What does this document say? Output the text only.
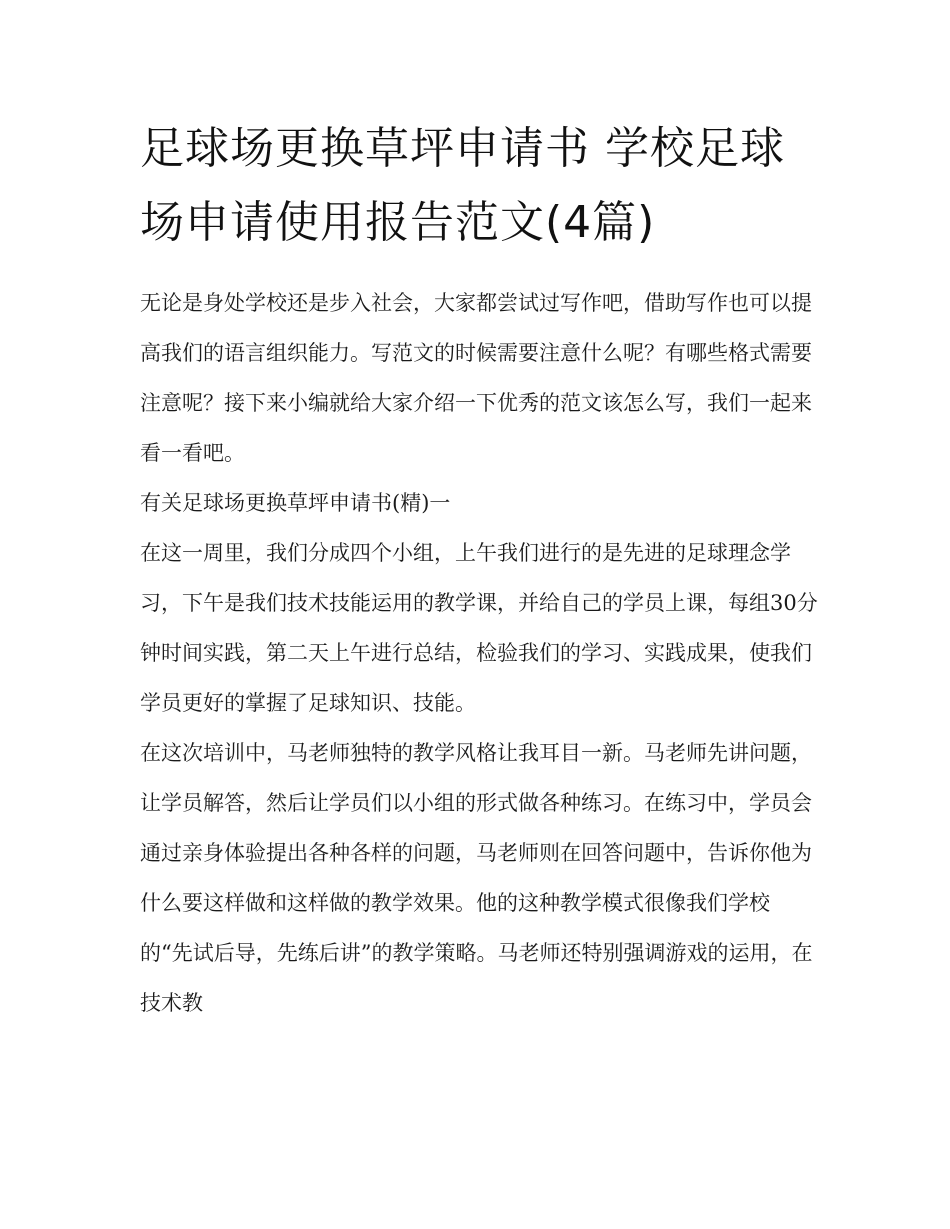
足球场更换草坪申请书 学校足球场申请使用报告范文(4篇)

无论是身处学校还是步入社会，大家都尝试过写作吧，借助写作也可以提高我们的语言组织能力。写范文的时候需要注意什么呢？有哪些格式需要注意呢？接下来小编就给大家介绍一下优秀的范文该怎么写，我们一起来看一看吧。

有关足球场更换草坪申请书(精)一

在这一周里，我们分成四个小组，上午我们进行的是先进的足球理念学习，下午是我们技术技能运用的教学课，并给自己的学员上课，每组30分钟时间实践，第二天上午进行总结，检验我们的学习、实践成果，使我们学员更好的掌握了足球知识、技能。

在这次培训中，马老师独特的教学风格让我耳目一新。马老师先讲问题，让学员解答，然后让学员们以小组的形式做各种练习。在练习中，学员会通过亲身体验提出各种各样的问题，马老师则在回答问题中，告诉你他为什么要这样做和这样做的教学效果。他的这种教学模式很像我们学校的“先试后导，先练后讲”的教学策略。马老师还特别强调游戏的运用，在技术教
